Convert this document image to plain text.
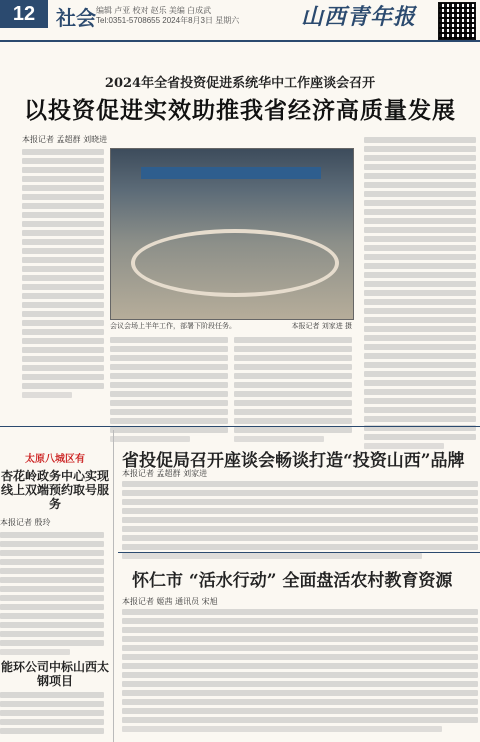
12	社会 编辑 卢亚 校对 赵乐 美编 白成武
Tel:0351-5708655 2024年8月3日 星期六	山西青年报
2024年全省投资促进系统华中工作座谈会召开
以投资促进实效助推我省经济高质量发展
本报记者 孟超群 刘晓进
会议会场上半年工作，部署下阶段任务。	本报记者 刘家进 摄
太原八城区有
杏花岭政务中心实现线上双端预约取号服务
本报记者 殷玲
能环公司中标山西太钢项目
省投促局召开座谈会畅谈打造“投资山西”品牌
本报记者 孟超群 刘家进
怀仁市 “活水行动” 全面盘活农村教育资源
本报记者 姬茜 通讯员 宋旭
